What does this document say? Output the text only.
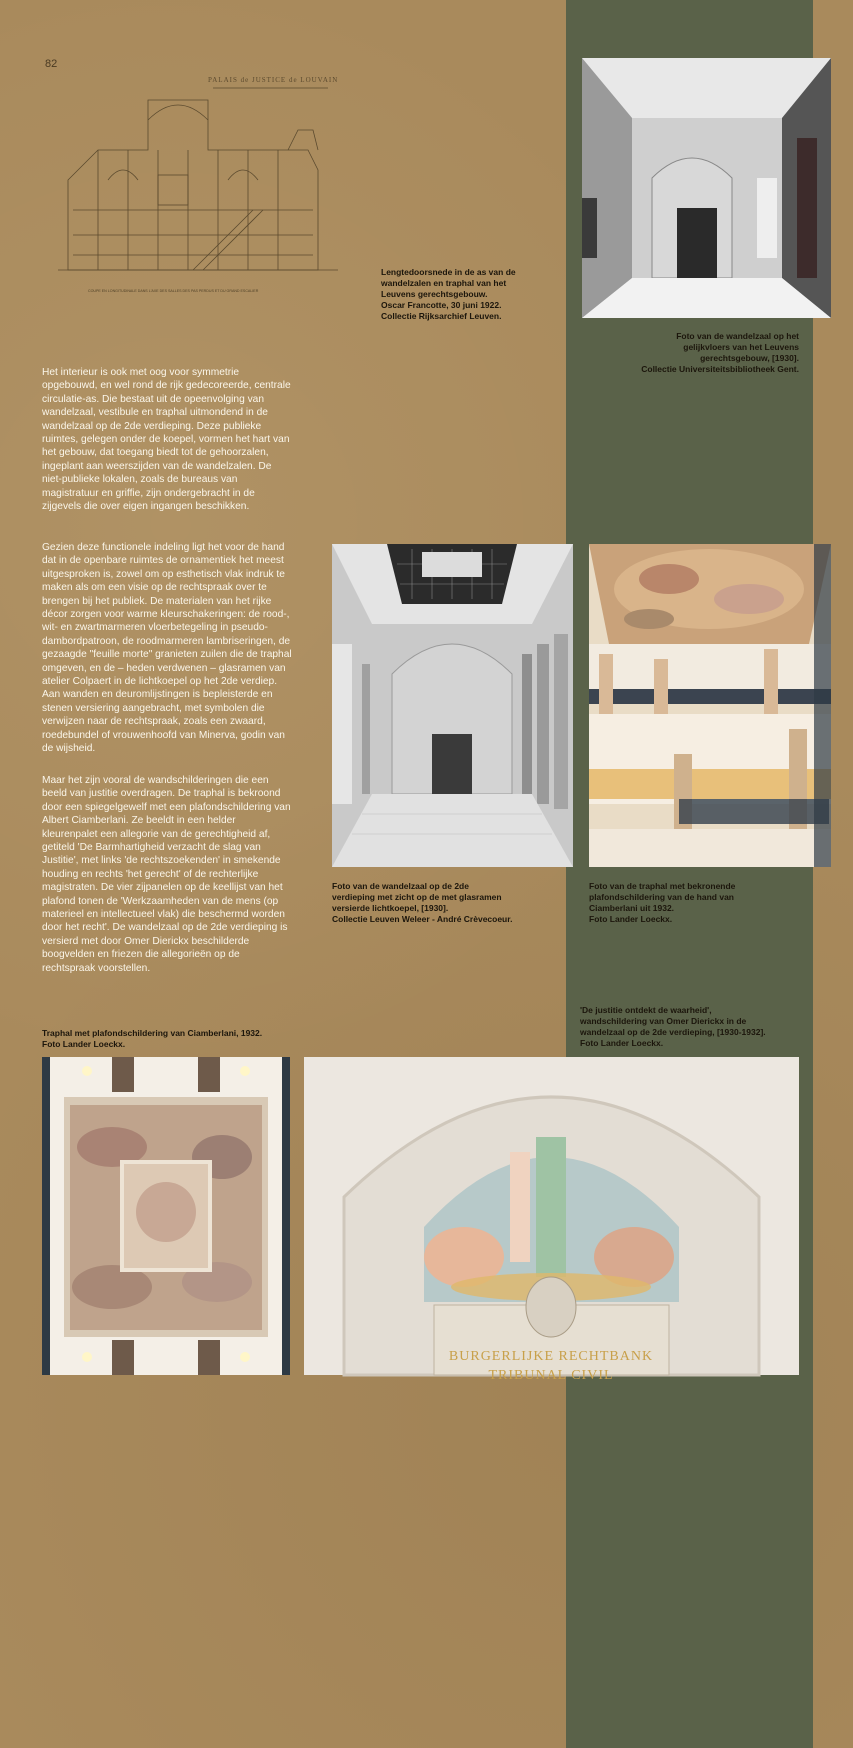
82
PALAIS de JUSTICE de LOUVAIN
COUPE EN LONGITUDINALE DANS L'AXE DES SALLES DES PAS PERDUS ET DU GRAND ESCALIER
Lengtedoorsnede in de as van de
wandelzalen en traphal van het
Leuvens gerechtsgebouw.
Oscar Francotte, 30 juni 1922.
Collectie Rijksarchief Leuven.
Foto van de wandelzaal op het
gelijkvloers van het Leuvens
gerechtsgebouw, [1930].
Collectie Universiteitsbibliotheek Gent.

Het interieur is ook met oog voor symmetrie opgebouwd, en wel rond de rijk gedecoreerde, centrale circulatie-as. Die bestaat uit de opeenvolging van wandelzaal, vestibule en traphal uitmondend in de wandelzaal op de 2de verdieping. Deze publieke ruimtes, gelegen onder de koepel, vormen het hart van het gebouw, dat toegang biedt tot de gehoorzalen, ingeplant aan weerszijden van de wandelzalen. De niet-publieke lokalen, zoals de bureaus van magistratuur en griffie, zijn ondergebracht in de zijgevels die over eigen ingangen beschikken.

Gezien deze functionele indeling ligt het voor de hand dat in de openbare ruimtes de ornamentiek het meest uitgesproken is, zowel om op esthetisch vlak indruk te maken als om een visie op de rechtspraak over te brengen bij het publiek. De materialen van het rijke décor zorgen voor warme kleurschakeringen: de rood-, wit- en zwartmarmeren vloerbetegeling in pseudo-dambordpatroon, de roodmarmeren lambriseringen, de gezaagde "feuille morte" granieten zuilen die de traphal omgeven, en de – heden verdwenen – glasramen van atelier Colpaert in de lichtkoepel op het 2de verdiep. Aan wanden en deuromlijstingen is bepleisterde en stenen versiering aangebracht, met symbolen die verwijzen naar de rechtspraak, zoals een zwaard, roedebundel of vrouwenhoofd van Minerva, godin van de wijsheid.

Maar het zijn vooral de wandschilderingen die een beeld van justitie overdragen. De traphal is bekroond door een spiegelgewelf met een plafondschildering van Albert Ciamberlani. Ze beeldt in een helder kleurenpalet een allegorie van de gerechtigheid af, getiteld 'De Barmhartigheid verzacht de slag van Justitie', met links 'de rechtszoekenden' in smekende houding en rechts 'het gerecht' of de rechterlijke magistraten. De vier zijpanelen op de keellijst van het plafond tonen de 'Werkzaamheden van de mens (op materieel en intellectueel vlak) die beschermd worden door het recht'. De wandelzaal op de 2de verdieping is versierd met door Omer Dierickx beschilderde boogvelden en friezen die allegorieën op de rechtspraak voorstellen.

Foto van de wandelzaal op de 2de
verdieping met zicht op de met glasramen
versierde lichtkoepel, [1930].
Collectie Leuven Weleer - André Crèvecoeur.
Foto van de traphal met bekronende
plafondschildering van de hand van
Ciamberlani uit 1932.
Foto Lander Loeckx.
Traphal met plafondschildering van Ciamberlani, 1932.
Foto Lander Loeckx.
'De justitie ontdekt de waarheid',
wandschildering van Omer Dierickx in de
wandelzaal op de 2de verdieping, [1930-1932].
Foto Lander Loeckx.
BURGERLIJKE RECHTBANK
TRIBUNAL CIVIL
